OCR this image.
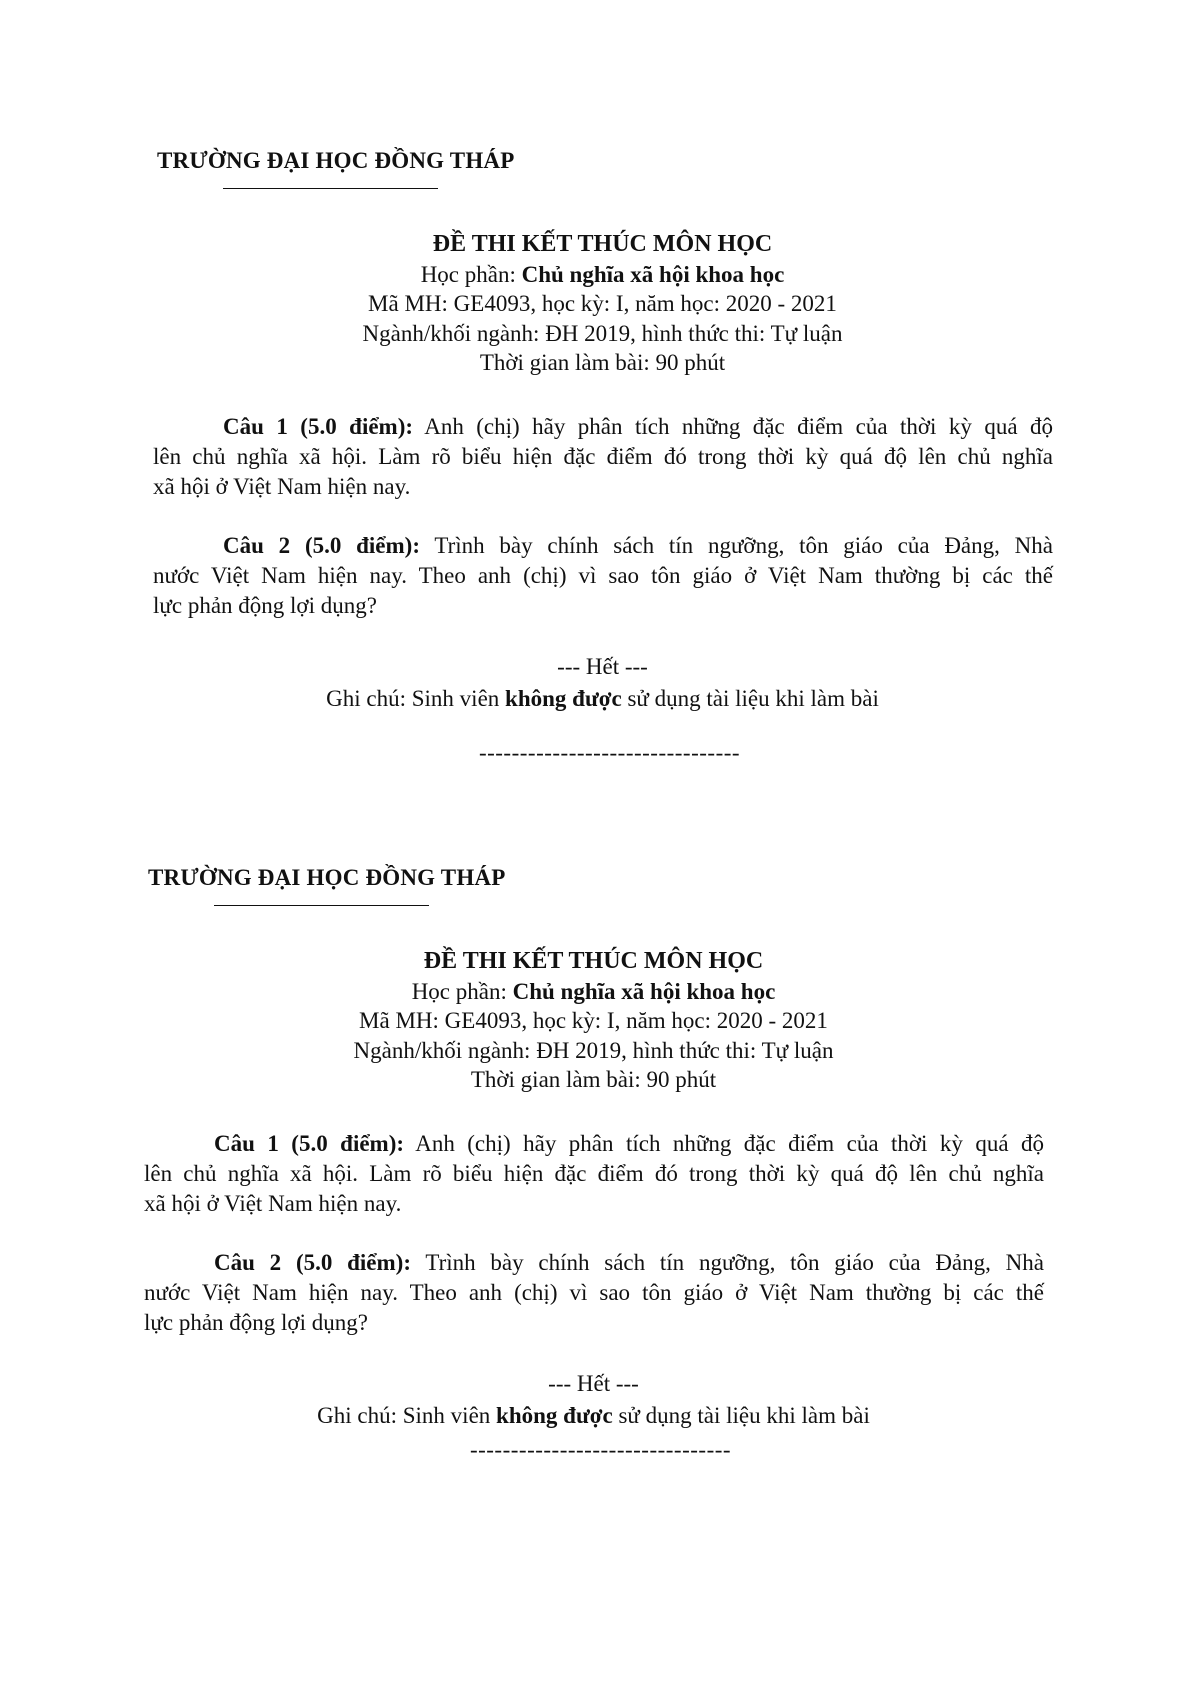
TRƯỜNG ĐẠI HỌC ĐỒNG THÁP
ĐỀ THI KẾT THÚC MÔN HỌC
Học phần: Chủ nghĩa xã hội khoa học
Mã MH: GE4093, học kỳ: I, năm học: 2020 - 2021
Ngành/khối ngành: ĐH 2019, hình thức thi: Tự luận
Thời gian làm bài: 90 phút
Câu 1 (5.0 điểm): Anh (chị) hãy phân tích những đặc điểm của thời kỳ quá độ
lên chủ nghĩa xã hội. Làm rõ biểu hiện đặc điểm đó trong thời kỳ quá độ lên chủ nghĩa
xã hội ở Việt Nam hiện nay.
Câu 2 (5.0 điểm): Trình bày chính sách tín ngưỡng, tôn giáo của Đảng, Nhà
nước Việt Nam hiện nay. Theo anh (chị) vì sao tôn giáo ở Việt Nam thường bị các thế
lực phản động lợi dụng?
--- Hết ---
Ghi chú: Sinh viên không được sử dụng tài liệu khi làm bài
--------------------------------
TRƯỜNG ĐẠI HỌC ĐỒNG THÁP
ĐỀ THI KẾT THÚC MÔN HỌC
Học phần: Chủ nghĩa xã hội khoa học
Mã MH: GE4093, học kỳ: I, năm học: 2020 - 2021
Ngành/khối ngành: ĐH 2019, hình thức thi: Tự luận
Thời gian làm bài: 90 phút
Câu 1 (5.0 điểm): Anh (chị) hãy phân tích những đặc điểm của thời kỳ quá độ
lên chủ nghĩa xã hội. Làm rõ biểu hiện đặc điểm đó trong thời kỳ quá độ lên chủ nghĩa
xã hội ở Việt Nam hiện nay.
Câu 2 (5.0 điểm): Trình bày chính sách tín ngưỡng, tôn giáo của Đảng, Nhà
nước Việt Nam hiện nay. Theo anh (chị) vì sao tôn giáo ở Việt Nam thường bị các thế
lực phản động lợi dụng?
--- Hết ---
Ghi chú: Sinh viên không được sử dụng tài liệu khi làm bài
--------------------------------
